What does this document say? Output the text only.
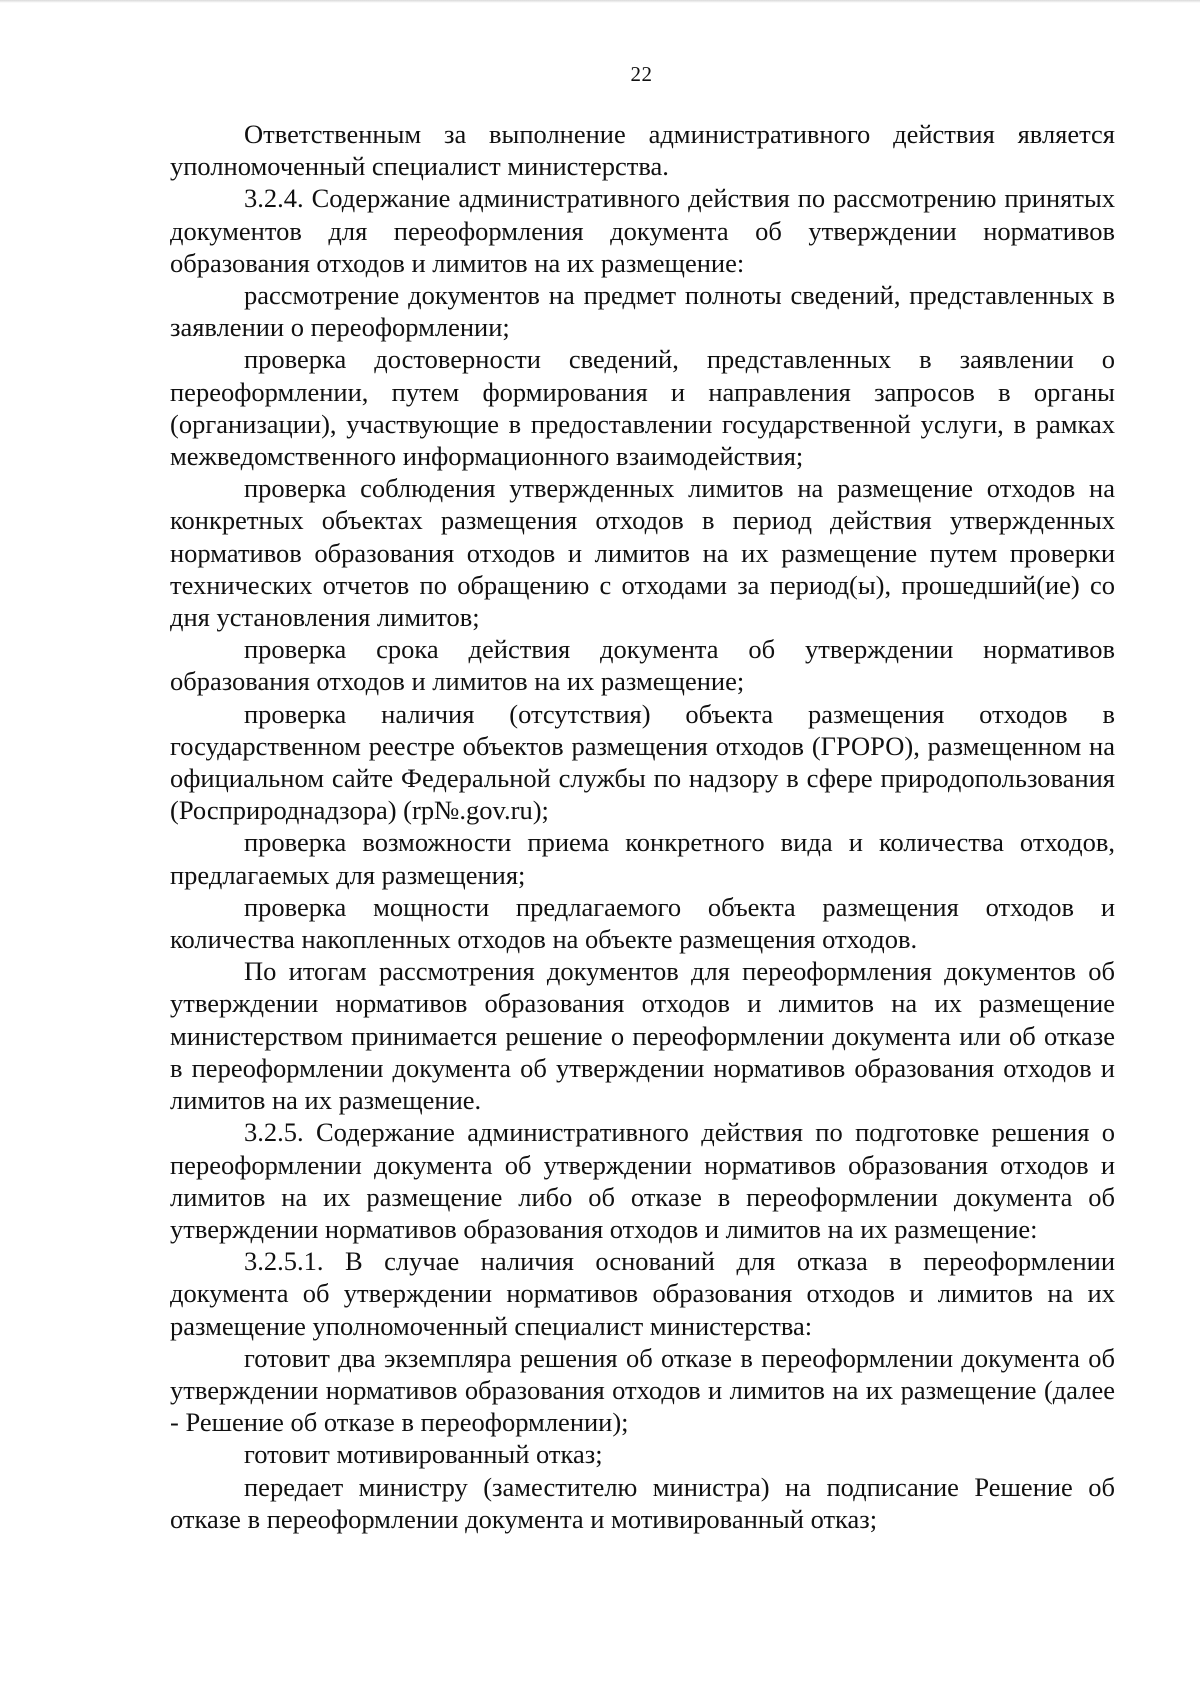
22

Ответственным за выполнение административного действия является уполномоченный специалист министерства.

3.2.4. Содержание административного действия по рассмотрению принятых документов для переоформления документа об утверждении нормативов образования отходов и лимитов на их размещение:

рассмотрение документов на предмет полноты сведений, представленных в заявлении о переоформлении;

проверка достоверности сведений, представленных в заявлении о переоформлении, путем формирования и направления запросов в органы (организации), участвующие в предоставлении государственной услуги, в рамках межведомственного информационного взаимодействия;

проверка соблюдения утвержденных лимитов на размещение отходов на конкретных объектах размещения отходов в период действия утвержденных нормативов образования отходов и лимитов на их размещение путем проверки технических отчетов по обращению с отходами за период(ы), прошедший(ие) со дня установления лимитов;

проверка срока действия документа об утверждении нормативов образования отходов и лимитов на их размещение;

проверка наличия (отсутствия) объекта размещения отходов в государственном реестре объектов размещения отходов (ГРОРО), размещенном на официальном сайте Федеральной службы по надзору в сфере природопользования (Росприроднадзора) (rp№.gov.ru);

проверка возможности приема конкретного вида и количества отходов, предлагаемых для размещения;

проверка мощности предлагаемого объекта размещения отходов и количества накопленных отходов на объекте размещения отходов.

По итогам рассмотрения документов для переоформления документов об утверждении нормативов образования отходов и лимитов на их размещение министерством принимается решение о переоформлении документа или об отказе в переоформлении документа об утверждении нормативов образования отходов и лимитов на их размещение.

3.2.5. Содержание административного действия по подготовке решения о переоформлении документа об утверждении нормативов образования отходов и лимитов на их размещение либо об отказе в переоформлении документа об утверждении нормативов образования отходов и лимитов на их размещение:

3.2.5.1. В случае наличия оснований для отказа в переоформлении документа об утверждении нормативов образования отходов и лимитов на их размещение уполномоченный специалист министерства:

готовит два экземпляра решения об отказе в переоформлении документа об утверждении нормативов образования отходов и лимитов на их размещение (далее - Решение об отказе в переоформлении);

готовит мотивированный отказ;

передает министру (заместителю министра) на подписание Решение об отказе в переоформлении документа и мотивированный отказ;
